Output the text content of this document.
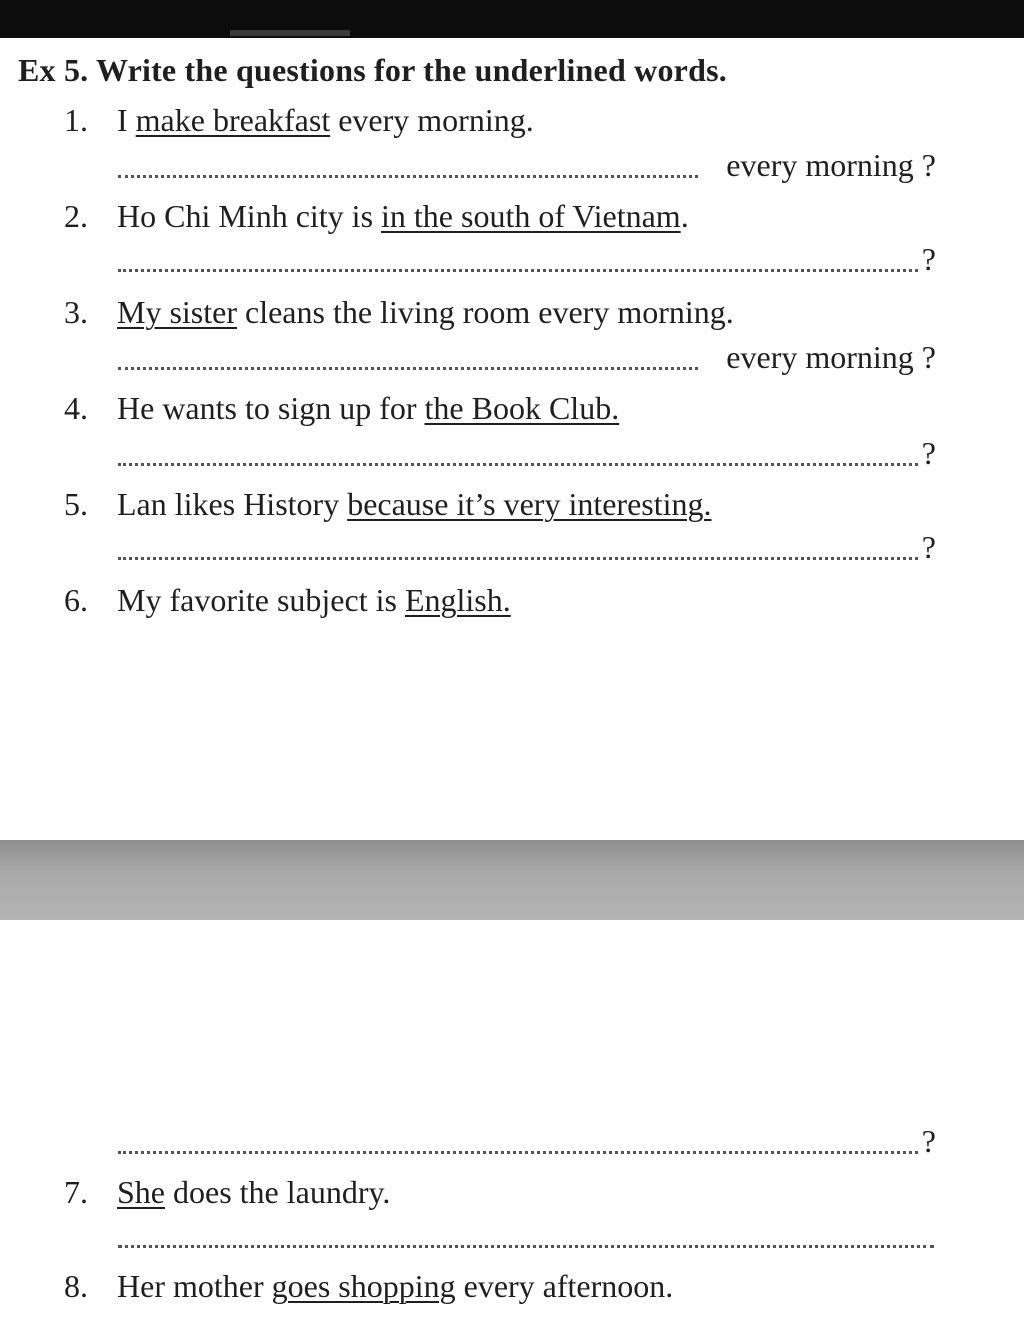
Ex 5. Write the questions for the underlined words.
1. I make breakfast every morning.
every morning ?
2. Ho Chi Minh city is in the south of Vietnam.
?
3. My sister cleans the living room every morning.
every morning ?
4. He wants to sign up for the Book Club.
?
5. Lan likes History because it’s very interesting.
?
6. My favorite subject is English.
?
7. She does the laundry.
8. Her mother goes shopping every afternoon.
